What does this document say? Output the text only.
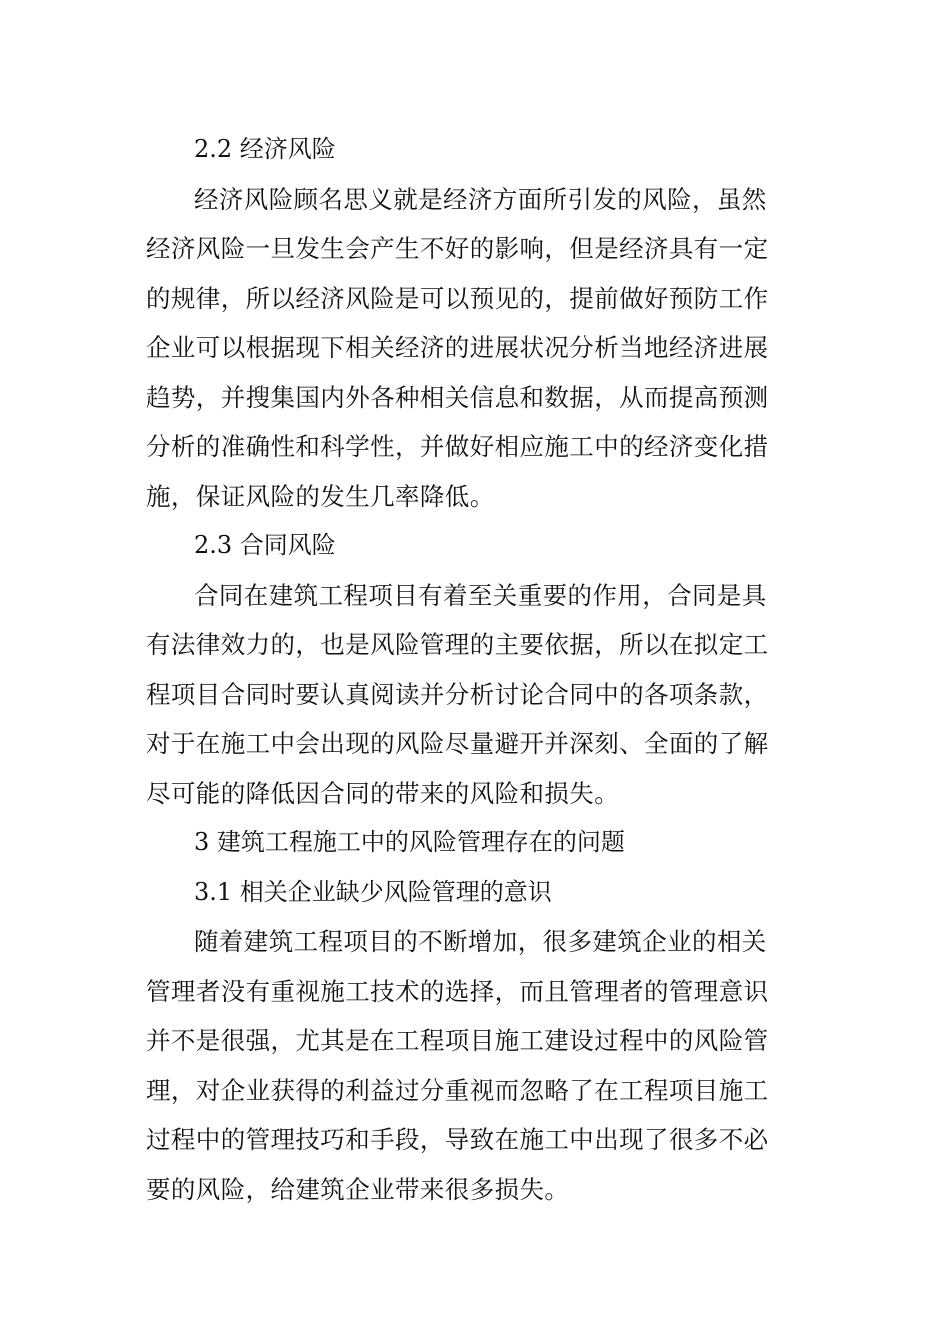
2.2 经济风险

经济风险顾名思义就是经济方面所引发的风险，虽然
经济风险一旦发生会产生不好的影响，但是经济具有一定
的规律，所以经济风险是可以预见的，提前做好预防工作
企业可以根据现下相关经济的进展状况分析当地经济进展
趋势，并搜集国内外各种相关信息和数据，从而提高预测
分析的准确性和科学性，并做好相应施工中的经济变化措
施，保证风险的发生几率降低。

2.3 合同风险

合同在建筑工程项目有着至关重要的作用，合同是具
有法律效力的，也是风险管理的主要依据，所以在拟定工
程项目合同时要认真阅读并分析讨论合同中的各项条款，
对于在施工中会出现的风险尽量避开并深刻、全面的了解
尽可能的降低因合同的带来的风险和损失。

3 建筑工程施工中的风险管理存在的问题

3.1 相关企业缺少风险管理的意识

随着建筑工程项目的不断增加，很多建筑企业的相关
管理者没有重视施工技术的选择，而且管理者的管理意识
并不是很强，尤其是在工程项目施工建设过程中的风险管
理，对企业获得的利益过分重视而忽略了在工程项目施工
过程中的管理技巧和手段，导致在施工中出现了很多不必
要的风险，给建筑企业带来很多损失。
